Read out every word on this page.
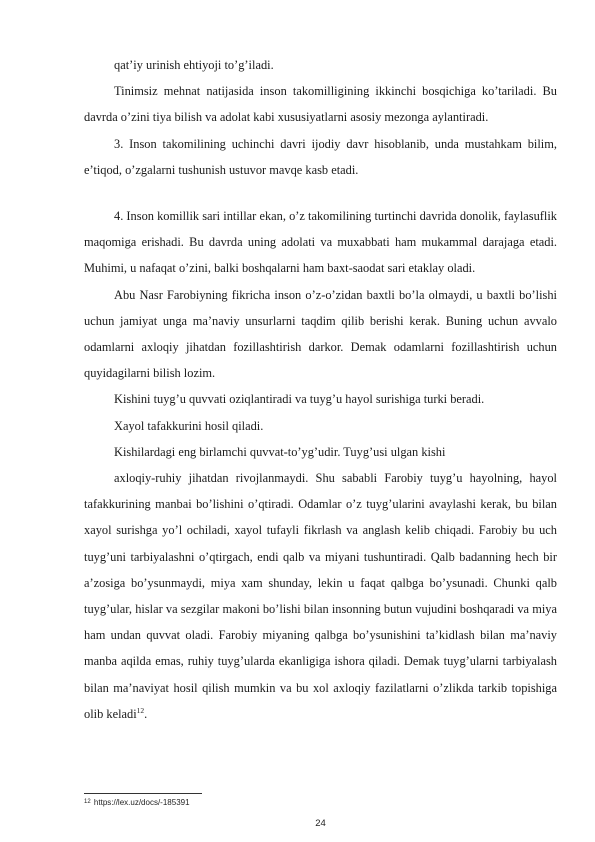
qat’iy urinish ehtiyoji to’g’iladi.

Tinimsiz mehnat natijasida inson takomilligining ikkinchi bosqichiga ko’tariladi. Bu davrda o’zini tiya bilish va adolat kabi xususiyatlarni asosiy mezonga aylantiradi.

3. Inson takomilining uchinchi davri ijodiy davr hisoblanib, unda mustahkam bilim, e’tiqod, o’zgalarni tushunish ustuvor mavqe kasb etadi.

4. Inson komillik sari intillar ekan, o’z takomilining turtinchi davrida donolik, faylasuflik maqomiga erishadi. Bu davrda uning adolati va muxabbati ham mukammal darajaga etadi. Muhimi, u nafaqat o’zini, balki boshqalarni ham baxt-saodat sari etaklay oladi.

Abu Nasr Farobiyning fikricha inson o’z-o’zidan baxtli bo’la olmaydi, u baxtli bo’lishi uchun jamiyat unga ma’naviy unsurlarni taqdim qilib berishi kerak. Buning uchun avvalo odamlarni axloqiy jihatdan fozillashtirish darkor. Demak odamlarni fozillashtirish uchun quyidagilarni bilish lozim.

Kishini tuyg’u quvvati oziqlantiradi va tuyg’u hayol surishiga turki beradi.

Xayol tafakkurini hosil qiladi.

Kishilardagi eng birlamchi quvvat-to’yg’udir. Tuyg’usi ulgan kishi

axloqiy-ruhiy jihatdan rivojlanmaydi. Shu sababli Farobiy tuyg’u hayolning, hayol tafakkurining manbai bo’lishini o’qtiradi. Odamlar o’z tuyg’ularini avaylashi kerak, bu bilan xayol surishga yo’l ochiladi, xayol tufayli fikrlash va anglash kelib chiqadi. Farobiy bu uch tuyg’uni tarbiyalashni o’qtirgach, endi qalb va miyani tushuntiradi. Qalb badanning hech bir a’zosiga bo’ysunmaydi, miya xam shunday, lekin u faqat qalbga bo’ysunadi. Chunki qalb tuyg’ular, hislar va sezgilar makoni bo’lishi bilan insonning butun vujudini boshqaradi va miya ham undan quvvat oladi. Farobiy miyaning qalbga bo’ysunishini ta’kidlash bilan ma’naviy manba aqilda emas, ruhiy tuyg’ularda ekanligiga ishora qiladi. Demak tuyg’ularni tarbiyalash bilan ma’naviyat hosil qilish mumkin va bu xol axloqiy fazilatlarni o’zlikda tarkib topishiga olib keladi$^{12}$.

$^{12}$ https://lex.uz/docs/-185391
24
